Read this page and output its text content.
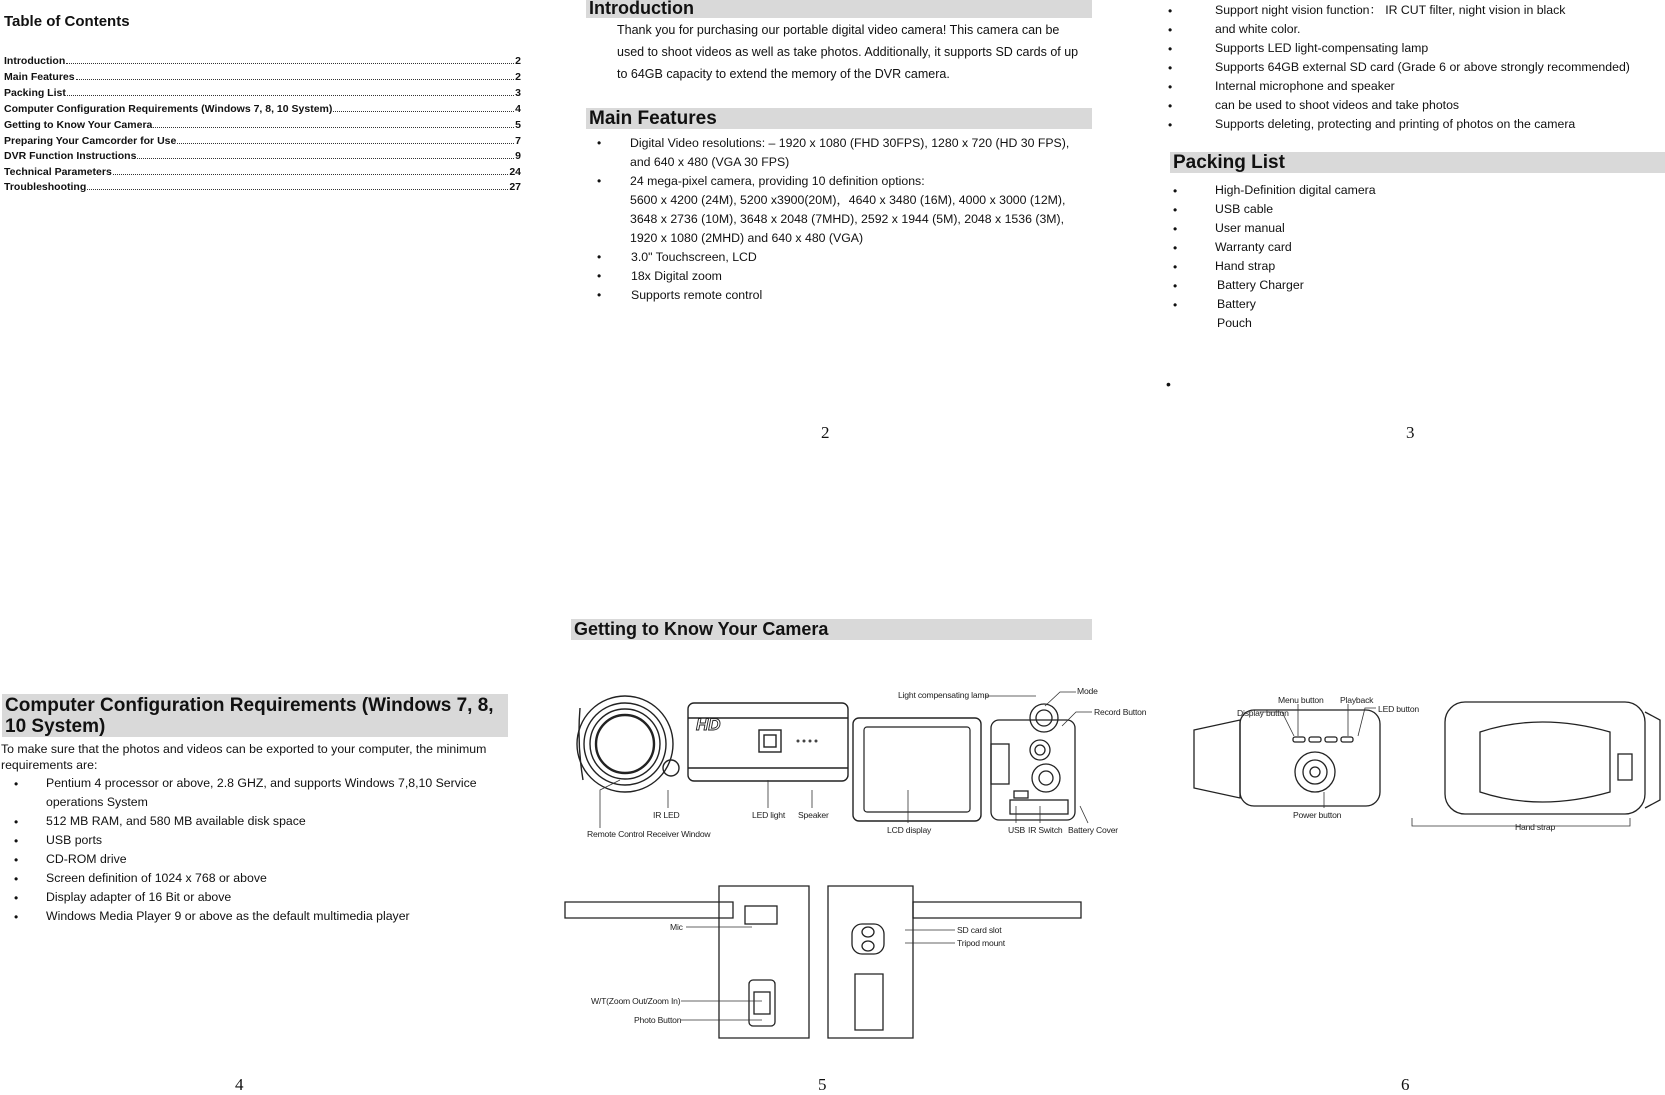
Table of Contents
Introduction	2
Main Features	2
Packing List	3
Computer Configuration Requirements (Windows 7, 8, 10 System)	4
Getting to Know Your Camera	5
Preparing Your Camcorder for Use	7
DVR Function Instructions	9
Technical Parameters	24
Troubleshooting	27
Introduction
Thank you for purchasing our portable digital video camera! This camera can be
used to shoot videos as well as take photos. Additionally, it supports SD cards of up
to 64GB capacity to extend the memory of the DVR camera.
Main Features
• Digital Video resolutions: – 1920 x 1080 (FHD 30FPS), 1280 x 720 (HD 30 FPS),
and 640 x 480 (VGA 30 FPS)
• 24 mega-pixel camera, providing 10 definition options:
5600 x 4200 (24M), 5200 x3900(20M)，4640 x 3480 (16M), 4000 x 3000 (12M),
3648 x 2736 (10M), 3648 x 2048 (7MHD), 2592 x 1944 (5M), 2048 x 1536 (3M),
1920 x 1080 (2MHD) and 640 x 480 (VGA)
• 3.0" Touchscreen, LCD
• 18x Digital zoom
• Supports remote control
2
•	Support night vision function： IR CUT filter, night vision in black
•	and white color.
•	Supports LED light-compensating lamp
•	Supports 64GB external SD card (Grade 6 or above strongly recommended)
•	Internal microphone and speaker
•	can be used to shoot videos and take photos
•	Supports deleting, protecting and printing of photos on the camera
Packing List
•	High-Definition digital camera
•	USB cable
•	User manual
•	Warranty card
•	Hand strap
•	Battery Charger
•	Battery
Pouch
•
3
Computer Configuration Requirements (Windows 7, 8,
10 System)
To make sure that the photos and videos can be exported to your computer, the minimum
requirements are:
• Pentium 4 processor or above, 2.8 GHZ, and supports Windows 7,8,10 Service
operations System
• 512 MB RAM, and 580 MB available disk space
• USB ports
• CD-ROM drive
• Screen definition of 1024 x 768 or above
• Display adapter of 16 Bit or above
• Windows Media Player 9 or above as the default multimedia player
4
Getting to Know Your Camera
HD
Light compensating lamp	Mode
Record Button
IR LED	LED light Speaker
Remote Control Receiver Window	LCD display	USB IR Switch Battery Cover
Mic
W/T(Zoom Out/Zoom In)
Photo Button
SD card slot
Tripod mount
5
Menu button Playback
Display button	LED button
Power button
Hand strap
6
